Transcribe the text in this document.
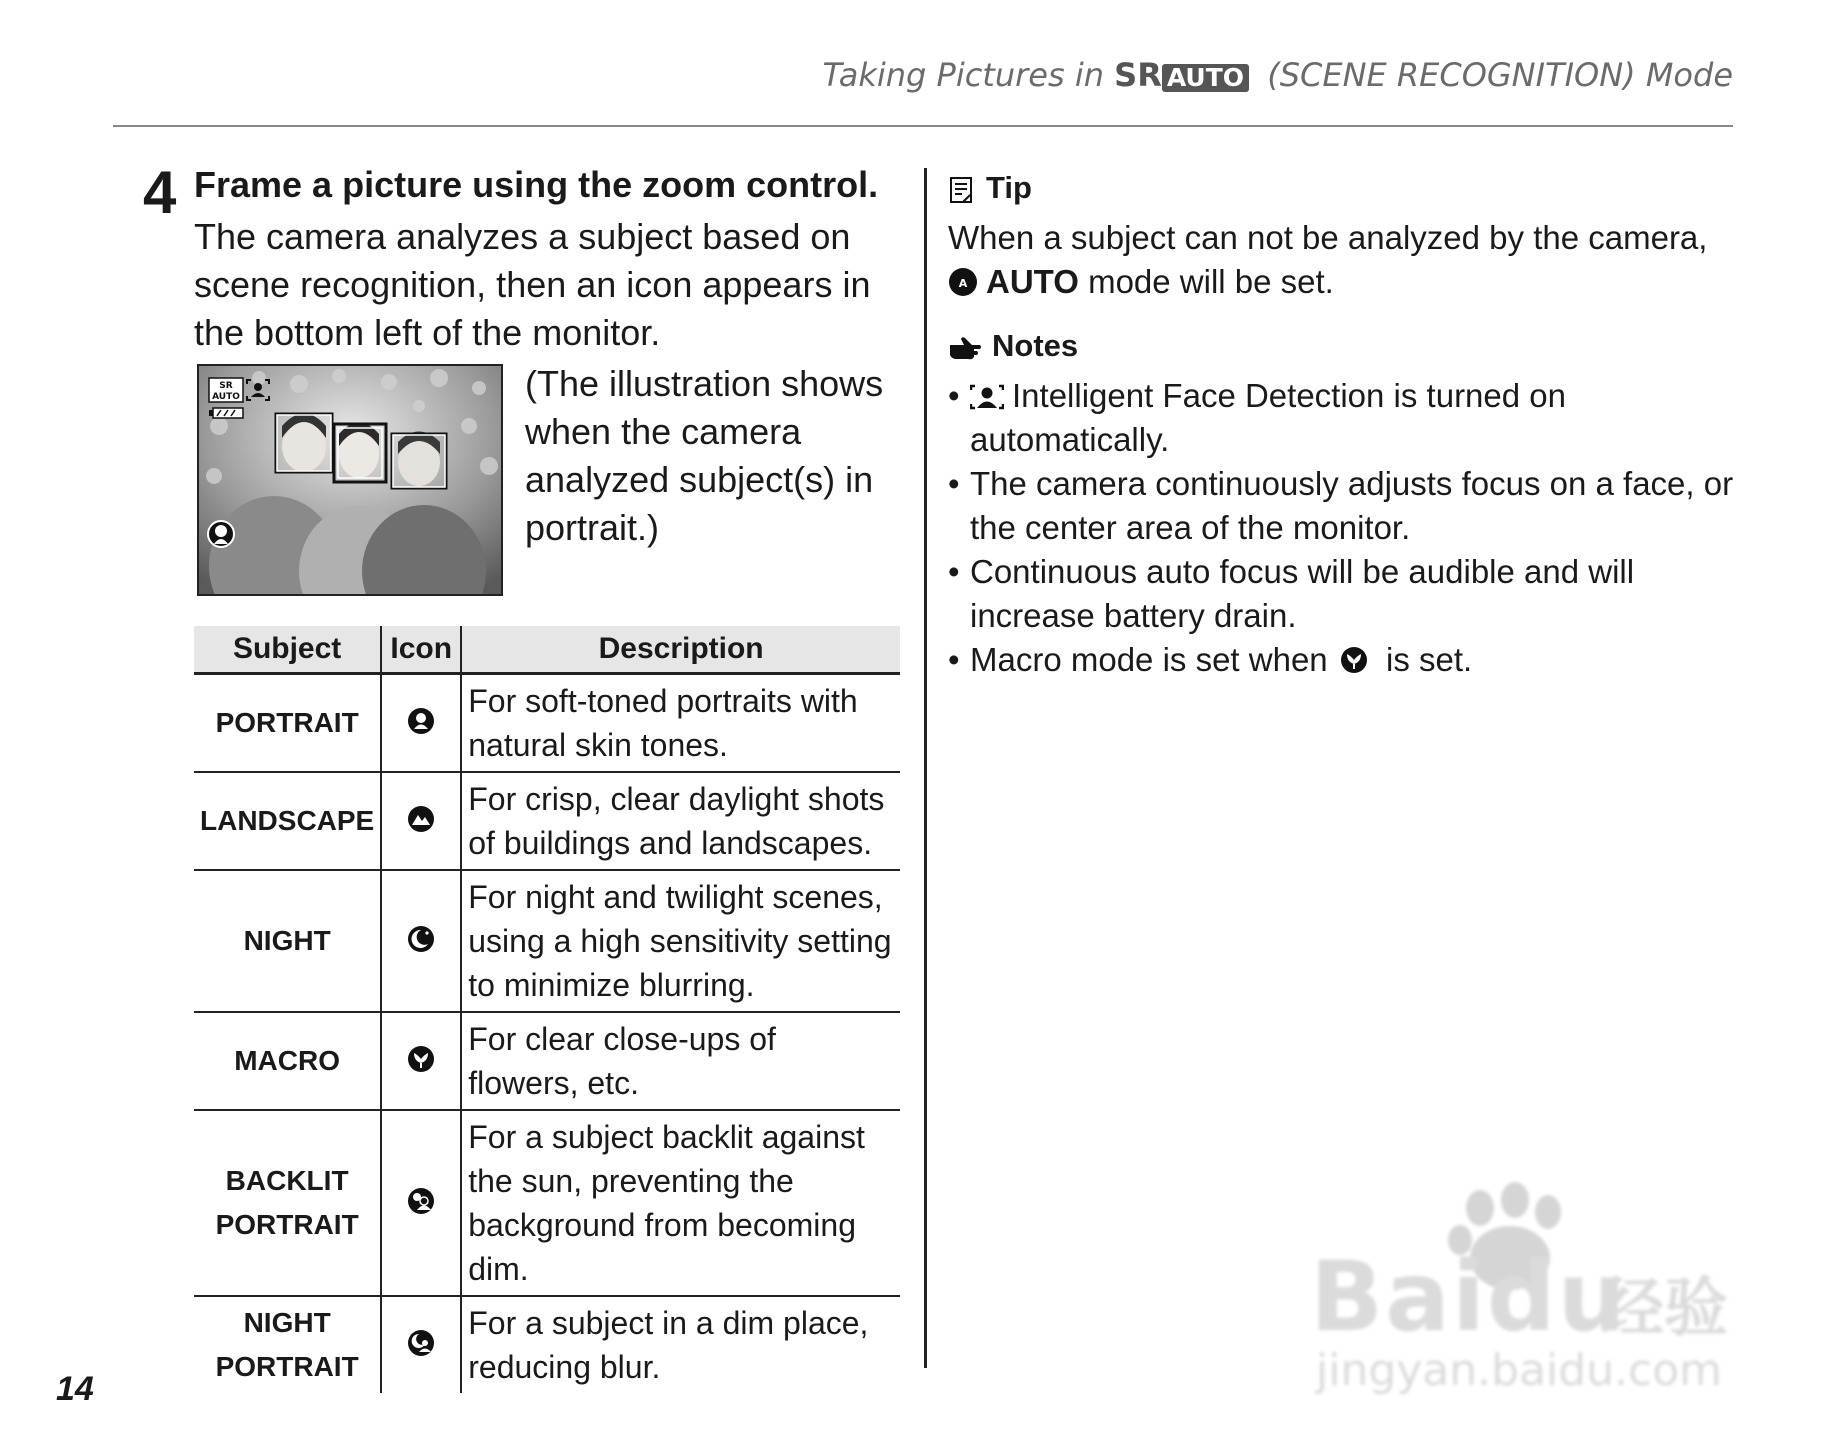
Taking Pictures in SR AUTO (SCENE RECOGNITION) Mode
4 Frame a picture using the zoom control.
The camera analyzes a subject based on scene recognition, then an icon appears in the bottom left of the monitor.
SR
AUTO	(The illustration shows when the camera analyzed subject(s) in portrait.)
Subject	Icon	Description
PORTRAIT		For soft-toned portraits with natural skin tones.
LANDSCAPE		For crisp, clear daylight shots of buildings and landscapes.
NIGHT		For night and twilight scenes, using a high sensitivity setting to minimize blurring.
MACRO		For clear close-ups of flowers, etc.
BACKLIT PORTRAIT		For a subject backlit against the sun, preventing the background from becoming dim.
NIGHT PORTRAIT		For a subject in a dim place, reducing blur.
Tip
When a subject can not be analyzed by the camera,

A AUTO mode will be set.
Notes
• Intelligent Face Detection is turned on automatically.
• The camera continuously adjusts focus on a face, or the center area of the monitor.
• Continuous auto focus will be audible and will increase battery drain.
• Macro mode is set when  is set.
14
Baidu
经验
jingyan.baidu.com
